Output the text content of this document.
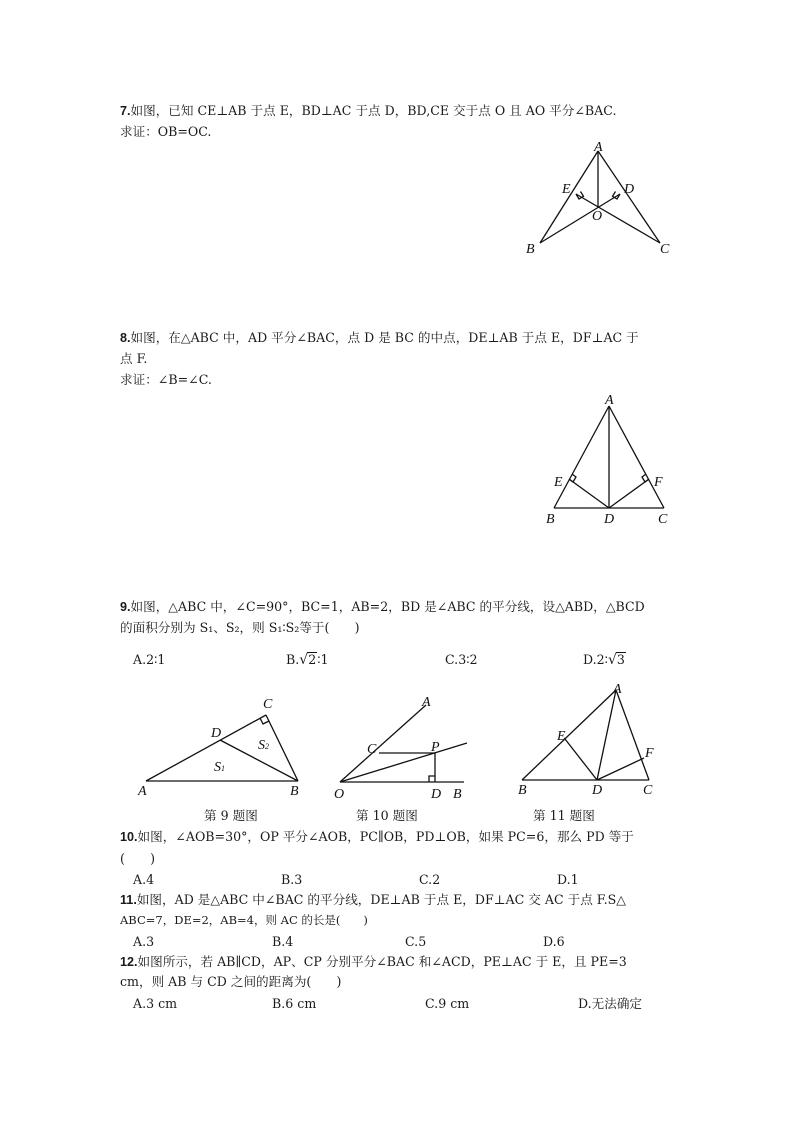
7.如图，已知 CE⊥AB 于点 E，BD⊥AC 于点 D，BD,CE 交于点 O 且 AO 平分∠BAC.
求证：OB=OC.
A
E	D
O
B	C
8.如图，在△ABC 中，AD 平分∠BAC，点 D 是 BC 的中点，DE⊥AB 于点 E，DF⊥AC 于
点 F.
求证：∠B=∠C.
A
E	F
B	D	C
9.如图，△ABC 中，∠C=90°，BC=1，AB=2，BD 是∠ABC 的平分线，设△ABD，△BCD
的面积分别为 S₁、S₂，则 S₁∶S₂等于(　　)
A.2∶1	B.√2∶1	C.3∶2	D.2∶√3
C
D
A	B
S1
S2
第 9 题图
A
C	P
O	D B
第 10 题图
A
E
F
B	D	C
第 11 题图
10.如图，∠AOB=30°，OP 平分∠AOB，PC∥OB，PD⊥OB，如果 PC=6，那么 PD 等于
(　　)
A.4	B.3	C.2	D.1
11.如图，AD 是△ABC 中∠BAC 的平分线，DE⊥AB 于点 E，DF⊥AC 交 AC 于点 F.S△
ABC=7，DE=2，AB=4，则 AC 的长是(　　)
A.3	B.4	C.5	D.6
12.如图所示，若 AB∥CD，AP、CP 分别平分∠BAC 和∠ACD，PE⊥AC 于 E，且 PE=3
cm，则 AB 与 CD 之间的距离为(　　)
A.3 cm	B.6 cm	C.9 cm	D.无法确定
